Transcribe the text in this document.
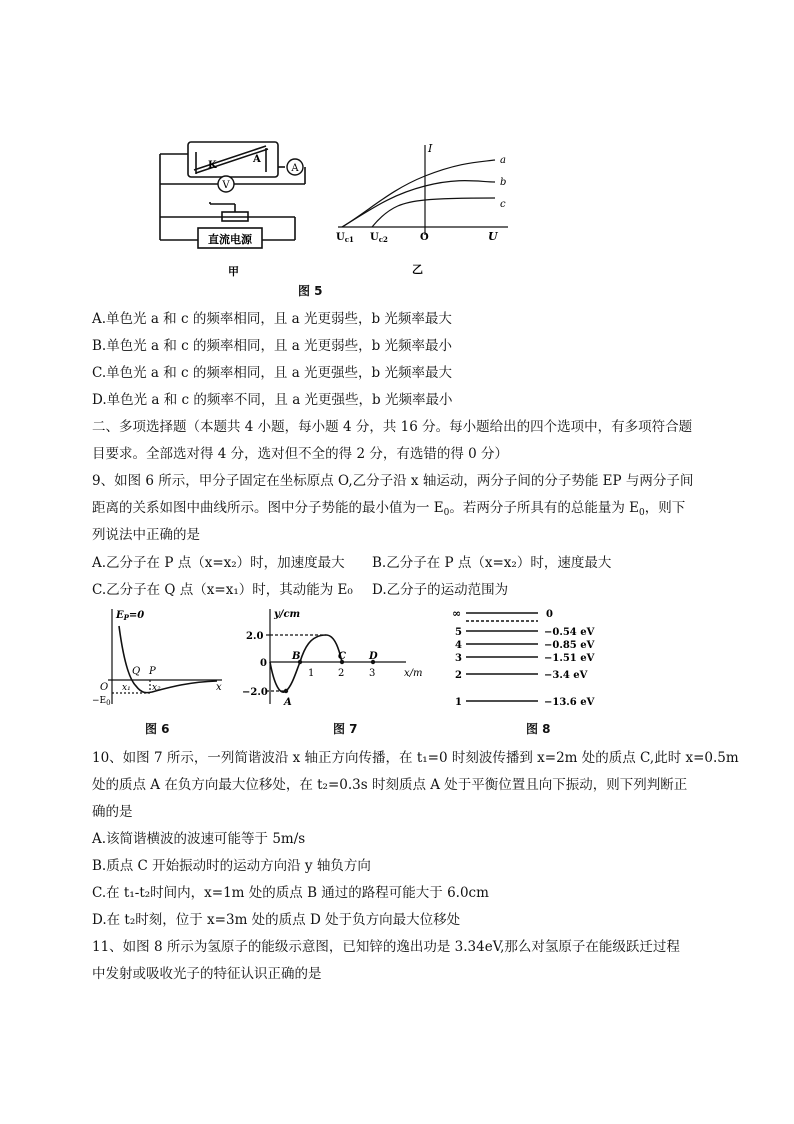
K
A
A
V
直流电源
甲
I
U
a
b
c
$U_{c1}$ $U_{c2}$	O
乙
图 5
A.单色光 a 和 c 的频率相同，且 a 光更弱些，b 光频率最大
B.单色光 a 和 c 的频率相同，且 a 光更弱些，b 光频率最小
C.单色光 a 和 c 的频率相同，且 a 光更强些，b 光频率最大
D.单色光 a 和 c 的频率不同，且 a 光更强些，b 光频率最小
二、多项选择题（本题共 4 小题，每小题 4 分，共 16 分。每小题给出的四个选项中，有多项符合题
目要求。全部选对得 4 分，选对但不全的得 2 分，有选错的得 0 分）
9、如图 6 所示，甲分子固定在坐标原点 O,乙分子沿 x 轴运动，两分子间的分子势能 EP 与两分子间
距离的关系如图中曲线所示。图中分子势能的最小值为一 $E_0$。若两分子所具有的总能量为 $E_0$，则下
列说法中正确的是
A.乙分子在 P 点（x=x₂）时，加速度最大 B.乙分子在 P 点（x=x₂）时，速度最大
C.乙分子在 Q 点（x=x₁）时，其动能为 E₀ D.乙分子的运动范围为
$E_P=0$
O
$-E_0$
Q P
x₁ x₂	x
图 6
y/cm
x/m
2.0
−2.0
0
1 2 3
A
B	C D
图 7
∞	0
5	−0.54 eV
4	−0.85 eV
3	−1.51 eV
2	−3.4 eV
1	−13.6 eV
图 8
10、如图 7 所示，一列简谐波沿 x 轴正方向传播，在 t₁=0 时刻波传播到 x=2m 处的质点 C,此时 x=0.5m
处的质点 A 在负方向最大位移处，在 t₂=0.3s 时刻质点 A 处于平衡位置且向下振动，则下列判断正
确的是
A.该简谐横波的波速可能等于 5m/s
B.质点 C 开始振动时的运动方向沿 y 轴负方向
C.在 t₁-t₂时间内，x=1m 处的质点 B 通过的路程可能大于 6.0cm
D.在 t₂时刻，位于 x=3m 处的质点 D 处于负方向最大位移处
11、如图 8 所示为氢原子的能级示意图，已知锌的逸出功是 3.34eV,那么对氢原子在能级跃迁过程
中发射或吸收光子的特征认识正确的是
